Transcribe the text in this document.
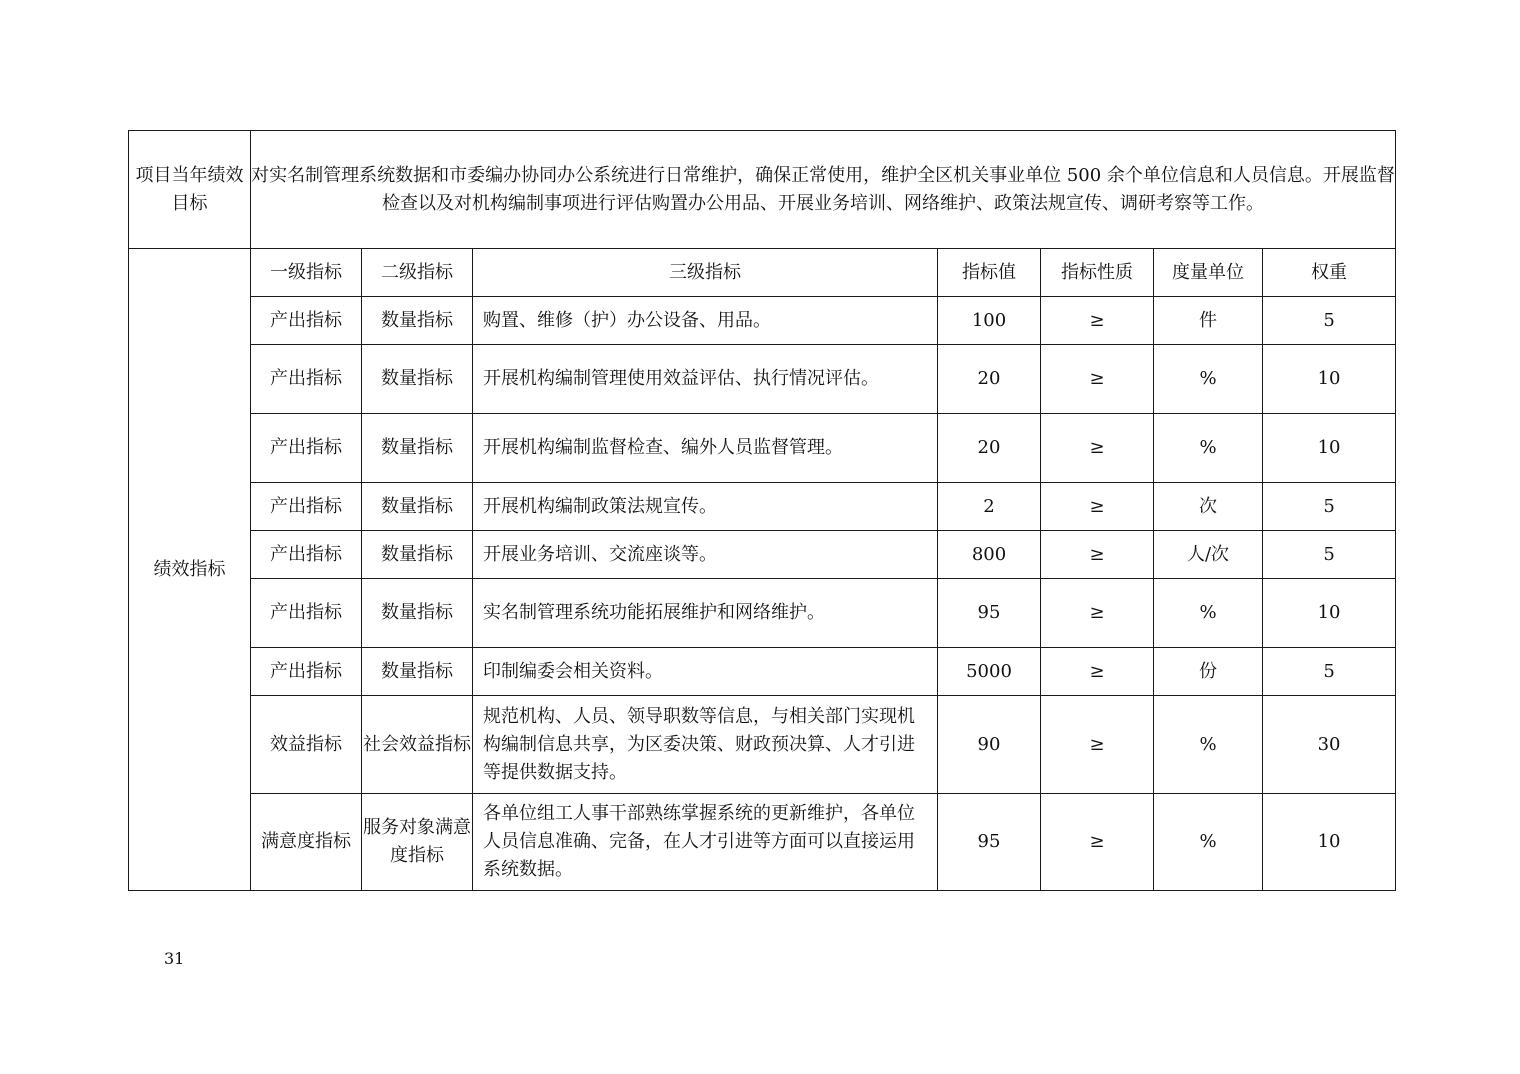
项目当年绩效目标	对实名制管理系统数据和市委编办协同办公系统进行日常维护，确保正常使用，维护全区机关事业单位 500 余个单位信息和人员信息。开展监督检查以及对机构编制事项进行评估购置办公用品、开展业务培训、网络维护、政策法规宣传、调研考察等工作。						
绩效指标	一级指标	二级指标	三级指标	指标值	指标性质	度量单位	权重
	产出指标	数量指标	购置、维修（护）办公设备、用品。	100	≥	件	5
	产出指标	数量指标	开展机构编制管理使用效益评估、执行情况评估。	20	≥	%	10
	产出指标	数量指标	开展机构编制监督检查、编外人员监督管理。	20	≥	%	10
	产出指标	数量指标	开展机构编制政策法规宣传。	2	≥	次	5
	产出指标	数量指标	开展业务培训、交流座谈等。	800	≥	人/次	5
	产出指标	数量指标	实名制管理系统功能拓展维护和网络维护。	95	≥	%	10
	产出指标	数量指标	印制编委会相关资料。	5000	≥	份	5
	效益指标	社会效益指标	规范机构、人员、领导职数等信息，与相关部门实现机构编制信息共享，为区委决策、财政预决算、人才引进等提供数据支持。	90	≥	%	30
	满意度指标	服务对象满意度指标	各单位组工人事干部熟练掌握系统的更新维护，各单位人员信息准确、完备，在人才引进等方面可以直接运用系统数据。	95	≥	%	10
31
